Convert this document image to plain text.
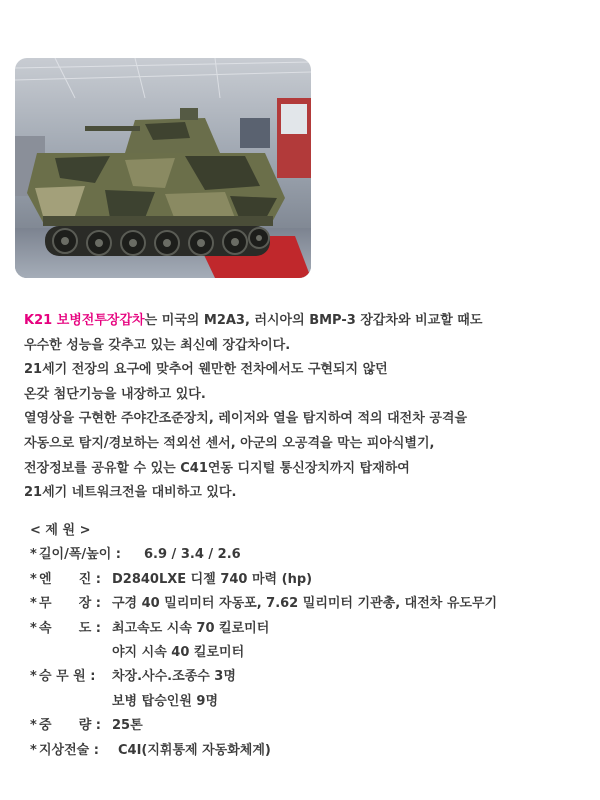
K21 보병전투장갑차는 미국의 M2A3, 러시아의 BMP-3 장갑차와 비교할 때도
우수한 성능을 갖추고 있는 최신예 장갑차이다.
21세기 전장의 요구에 맞추어 웬만한 전차에서도 구현되지 않던
온갖 첨단기능을 내장하고 있다.
열영상을 구현한 주야간조준장치, 레이저와 열을 탐지하여 적의 대전차 공격을
자동으로 탐지/경보하는 적외선 센서, 아군의 오공격을 막는 피아식별기,
전장정보를 공유할 수 있는 C41연동 디지털 통신장치까지 탑재하여
21세기 네트워크전을 대비하고 있다.
< 제 원 >
* 길이/폭/높이 : 6.9 / 3.4 / 2.6
* 엔      진 : D2840LXE 디젤 740 마력 (hp)
* 무      장 : 구경 40 밀리미터 자동포, 7.62 밀리미터 기관총, 대전차 유도무기
* 속      도 : 최고속도 시속 70 킬로미터
야지 시속 40 킬로미터
* 승 무 원 : 차장.사수.조종수 3명
보병 탑승인원 9명
* 중      량 : 25톤
* 지상전술 : C4I(지휘통제 자동화체계)
